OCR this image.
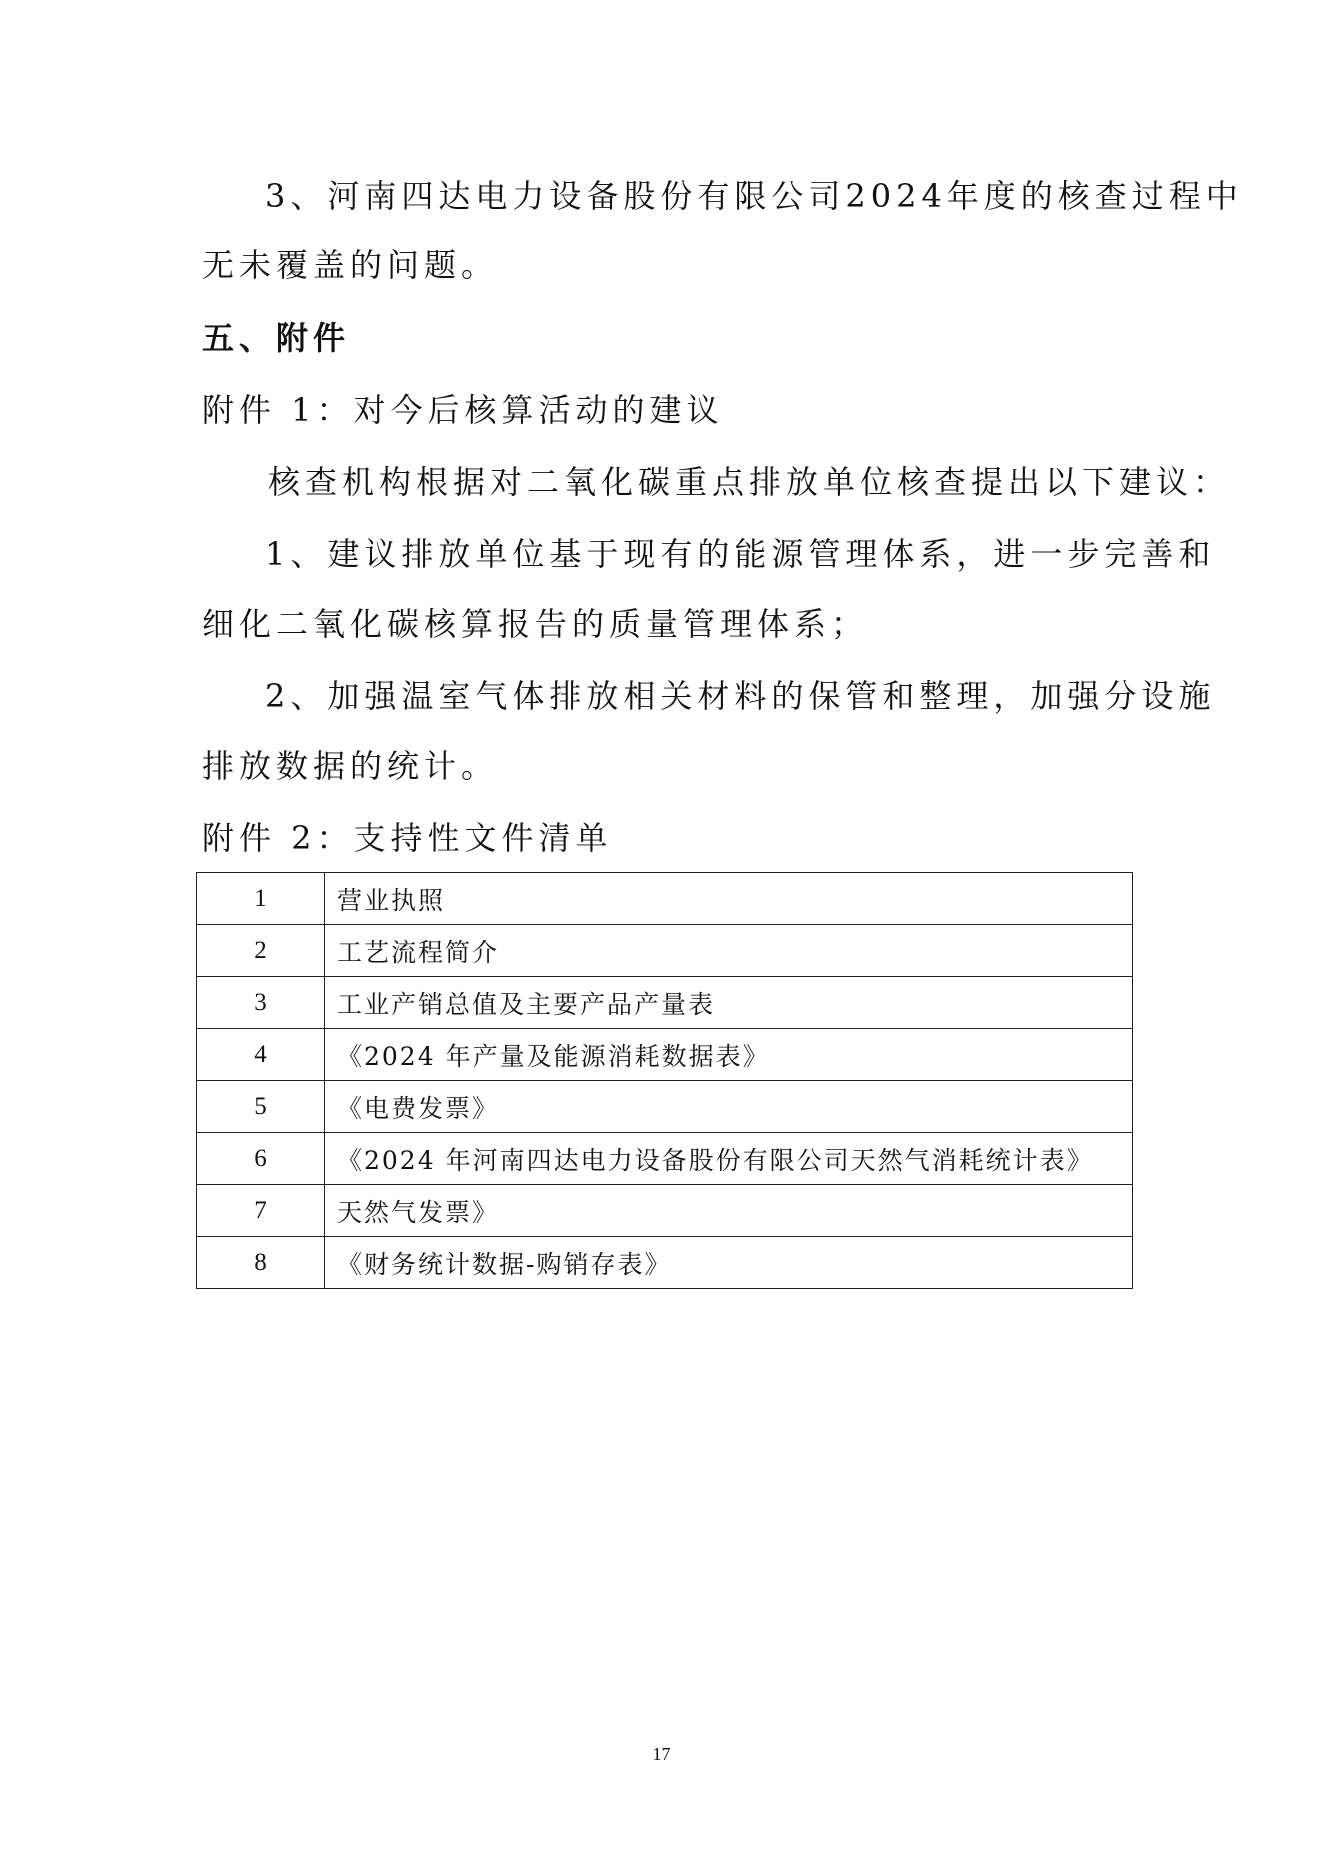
3、河南四达电力设备股份有限公司2024年度的核查过程中
无未覆盖的问题。
五、附件
附件 1：对今后核算活动的建议
核查机构根据对二氧化碳重点排放单位核查提出以下建议：
1、建议排放单位基于现有的能源管理体系，进一步完善和
细化二氧化碳核算报告的质量管理体系；
2、加强温室气体排放相关材料的保管和整理，加强分设施
排放数据的统计。
附件 2：支持性文件清单
1	营业执照
2	工艺流程简介
3	工业产销总值及主要产品产量表
4	《2024 年产量及能源消耗数据表》
5	《电费发票》
6	《2024 年河南四达电力设备股份有限公司天然气消耗统计表》
7	天然气发票》
8	《财务统计数据-购销存表》
17
